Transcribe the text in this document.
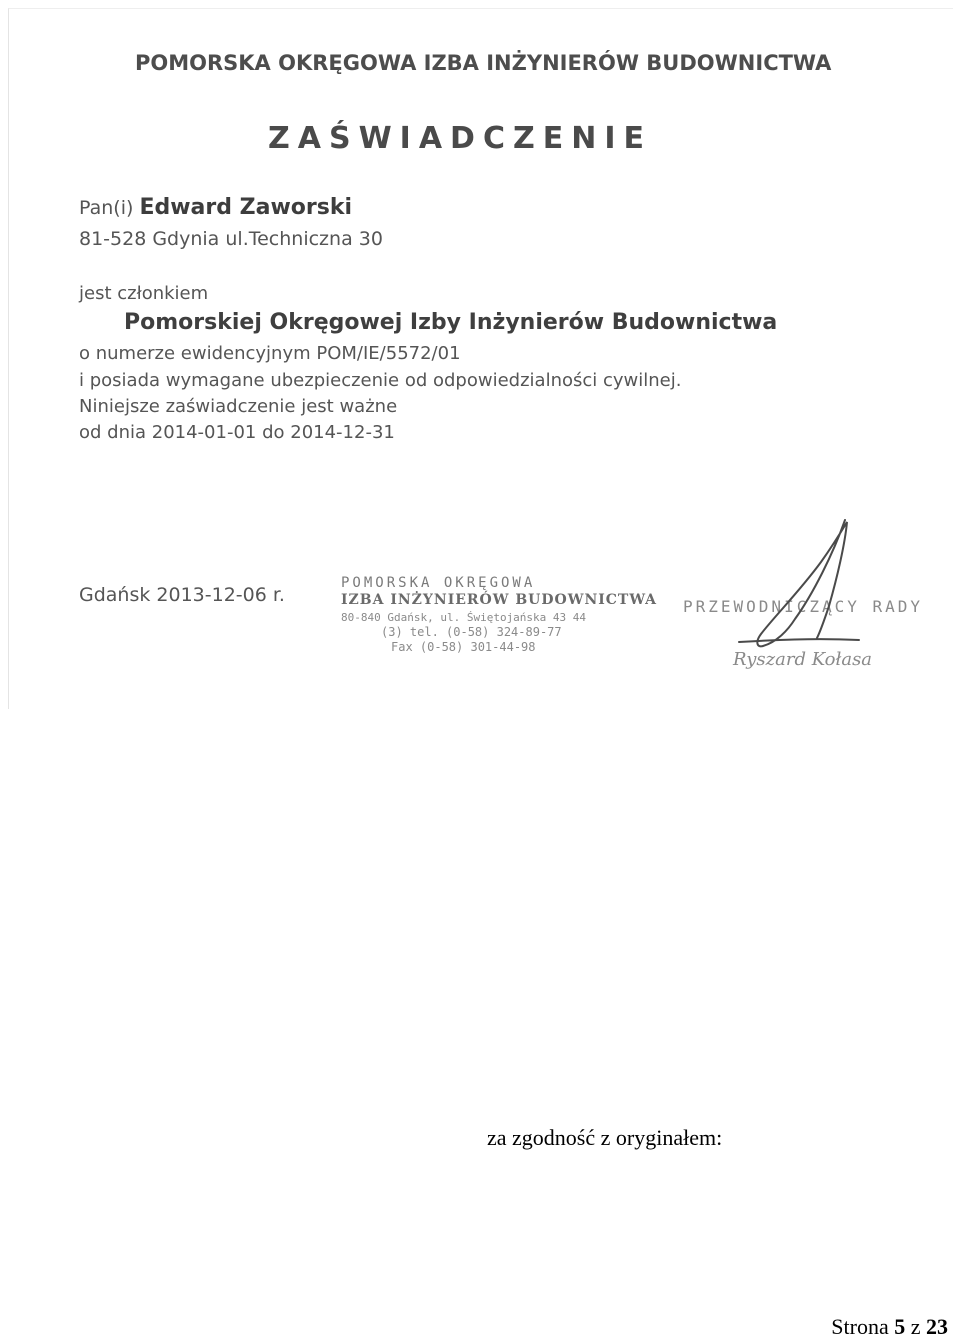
POMORSKA OKRĘGOWA IZBA INŻYNIERÓW BUDOWNICTWA
ZAŚWIADCZENIE
Pan(i) Edward Zaworski
81-528 Gdynia ul.Techniczna 30
jest członkiem
Pomorskiej Okręgowej Izby Inżynierów Budownictwa
o numerze ewidencyjnym POM/IE/5572/01
i posiada wymagane ubezpieczenie od odpowiedzialności cywilnej.
Niniejsze zaświadczenie jest ważne
od dnia 2014-01-01 do 2014-12-31
Gdańsk 2013-12-06 r.
POMORSKA OKRĘGOWA
IZBA INŻYNIERÓW BUDOWNICTWA
80-840 Gdańsk, ul. Świętojańska 43 44
(3) tel. (0-58) 324-89-77
Fax (0-58) 301-44-98
PRZEWODNICZĄCY RADY
Ryszard Kołasa
za zgodność z oryginałem:
Strona 5 z 23
